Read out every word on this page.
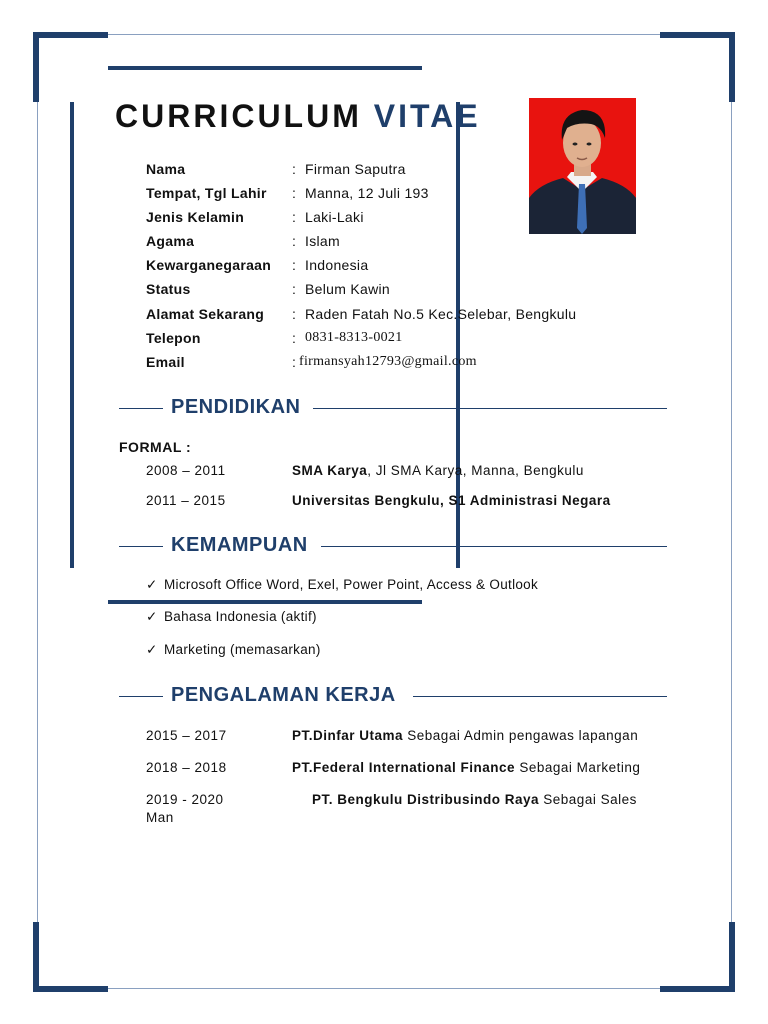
CURRICULUM VITAE
Nama	: Firman Saputra
Tempat, Tgl Lahir : Manna, 12 Juli 193
Jenis Kelamin	: Laki-Laki
Agama	: Islam
Kewarganegaraan : Indonesia
Status	: Belum Kawin
Alamat Sekarang : Raden Fatah No.5 Kec.Selebar, Bengkulu
Telepon	: 0831-8313-0021
Email	: firmansyah12793@gmail.com
PENDIDIKAN
FORMAL :
2008 – 2011	SMA Karya, Jl SMA Karya, Manna, Bengkulu
2011 – 2015	Universitas Bengkulu, S1 Administrasi Negara
KEMAMPUAN
✓ Microsoft Office Word, Exel, Power Point, Access & Outlook
✓ Bahasa Indonesia (aktif)
✓ Marketing (memasarkan)
PENGALAMAN KERJA
2015 – 2017	PT.Dinfar Utama Sebagai Admin pengawas lapangan
2018 – 2018	PT.Federal International Finance Sebagai Marketing
2019 - 2020	PT. Bengkulu Distribusindo Raya Sebagai Sales
Man
